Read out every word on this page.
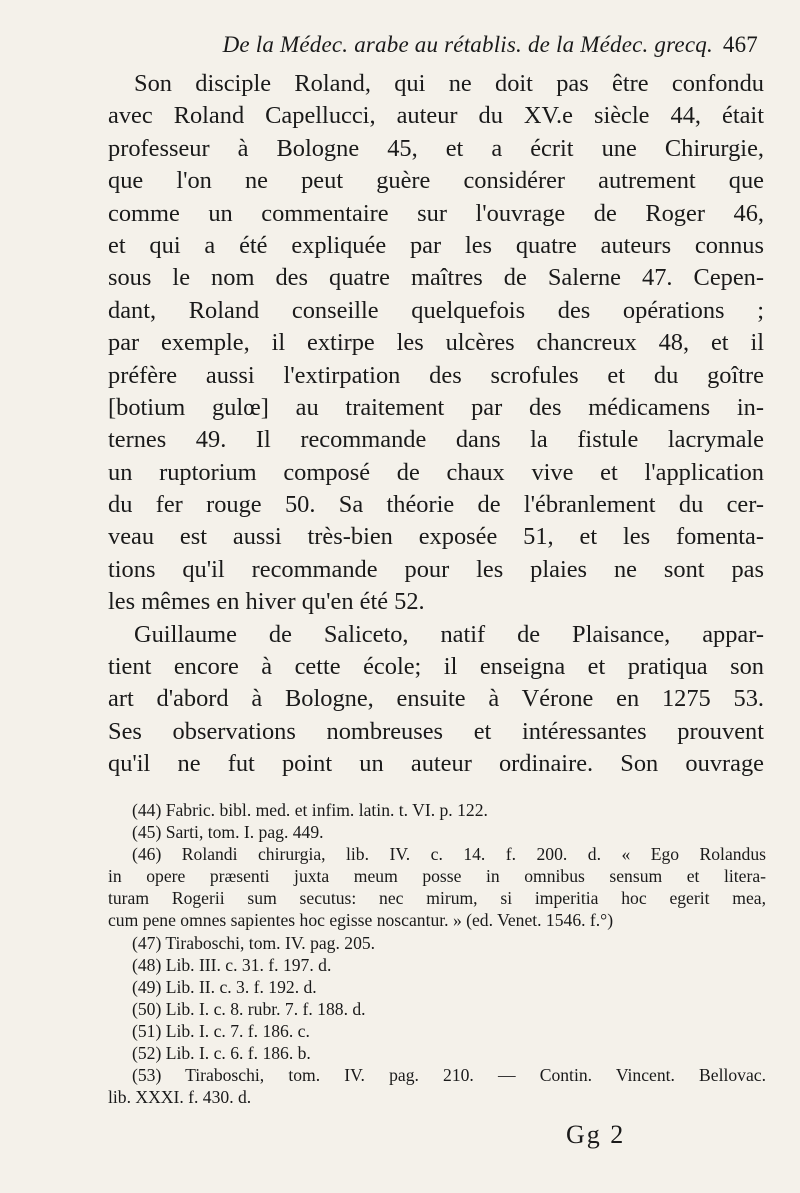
De la Médec. arabe au rétablis. de la Médec. grecq. 467
Son disciple Roland, qui ne doit pas être confondu
avec Roland Capellucci, auteur du XV.e siècle 44, était
professeur à Bologne 45, et a écrit une Chirurgie,
que l'on ne peut guère considérer autrement que
comme un commentaire sur l'ouvrage de Roger 46,
et qui a été expliquée par les quatre auteurs connus
sous le nom des quatre maîtres de Salerne 47. Cepen-
dant, Roland conseille quelquefois des opérations ;
par exemple, il extirpe les ulcères chancreux 48, et il
préfère aussi l'extirpation des scrofules et du goître
[botium gulœ] au traitement par des médicamens in-
ternes 49. Il recommande dans la fistule lacrymale
un ruptorium composé de chaux vive et l'application
du fer rouge 50. Sa théorie de l'ébranlement du cer-
veau est aussi très-bien exposée 51, et les fomenta-
tions qu'il recommande pour les plaies ne sont pas
les mêmes en hiver qu'en été 52.
Guillaume de Saliceto, natif de Plaisance, appar-
tient encore à cette école; il enseigna et pratiqua son
art d'abord à Bologne, ensuite à Vérone en 1275 53.
Ses observations nombreuses et intéressantes prouvent
qu'il ne fut point un auteur ordinaire. Son ouvrage
(44) Fabric. bibl. med. et infim. latin. t. VI. p. 122.
(45) Sarti, tom. I. pag. 449.
(46) Rolandi chirurgia, lib. IV. c. 14. f. 200. d. « Ego Rolandus
in opere præsenti juxta meum posse in omnibus sensum et litera-
turam Rogerii sum secutus: nec mirum, si imperitia hoc egerit mea,
cum pene omnes sapientes hoc egisse noscantur. » (ed. Venet. 1546. f.°)
(47) Tiraboschi, tom. IV. pag. 205.
(48) Lib. III. c. 31. f. 197. d.
(49) Lib. II. c. 3. f. 192. d.
(50) Lib. I. c. 8. rubr. 7. f. 188. d.
(51) Lib. I. c. 7. f. 186. c.
(52) Lib. I. c. 6. f. 186. b.
(53) Tiraboschi, tom. IV. pag. 210. — Contin. Vincent. Bellovac.
lib. XXXI. f. 430. d.
Gg 2
